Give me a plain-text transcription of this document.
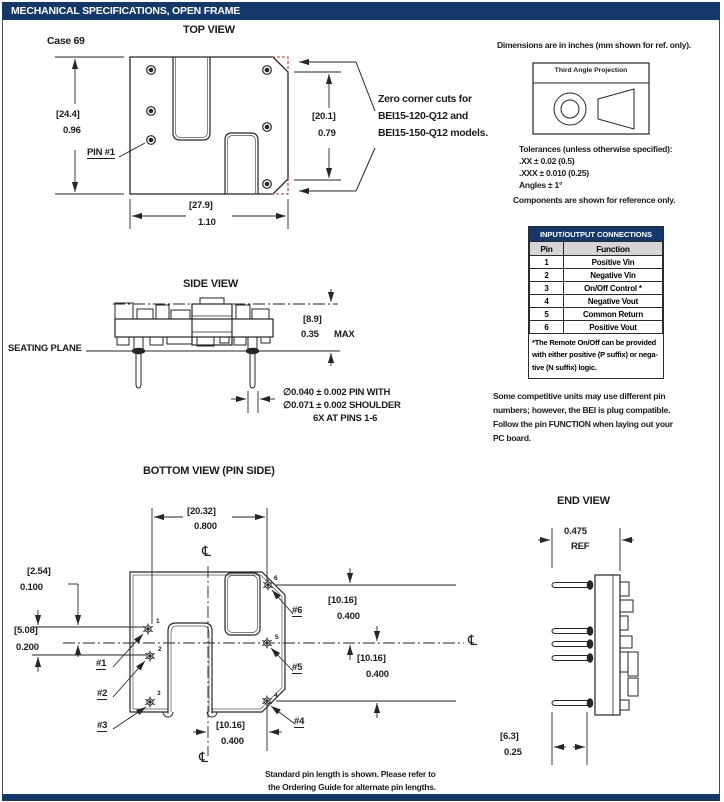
MECHANICAL SPECIFICATIONS, OPEN FRAME
Case 69
TOP VIEW
[24.4]
0.96
PIN #1
[20.1]
0.79
[27.9]
1.10
Zero corner cuts for
BEI15-120-Q12 and
BEI15-150-Q12 models.
Dimensions are in inches (mm shown for ref. only).
Third Angle Projection
Tolerances (unless otherwise specified):
.XX ± 0.02 (0.5)
.XXX ± 0.010 (0.25)
Angles ± 1°
Components are shown for reference only.
INPUT/OUTPUT CONNECTIONS
Pin	Function
1	Positive Vin
2	Negative Vin
3	On/Off Control *
4	Negative Vout
5	Common Return
6	Positive Vout
*The Remote On/Off can be provided
with either positive (P suffix) or nega-
tive (N suffix) logic.
Some competitive units may use different pin
numbers; however, the BEI is plug compatible.
Follow the pin FUNCTION when laying out your
PC board.
SIDE VIEW
SEATING PLANE
[8.9]
0.35 MAX
∅0.040 ± 0.002 PIN WITH
∅0.071 ± 0.002 SHOULDER
6X AT PINS 1-6
BOTTOM VIEW (PIN SIDE)
[20.32]
0.800
℄
[2.54]
0.100
[5.08]
0.200
#1
#2
#3	#4
#5
#6
1
2
3	4
5
6
[10.16]
0.400
℄
[10.16]
0.400
[10.16]
0.400
℄
END VIEW
0.475
REF
[6.3]
0.25
Standard pin length is shown. Please refer to
the Ordering Guide for alternate pin lengths.
